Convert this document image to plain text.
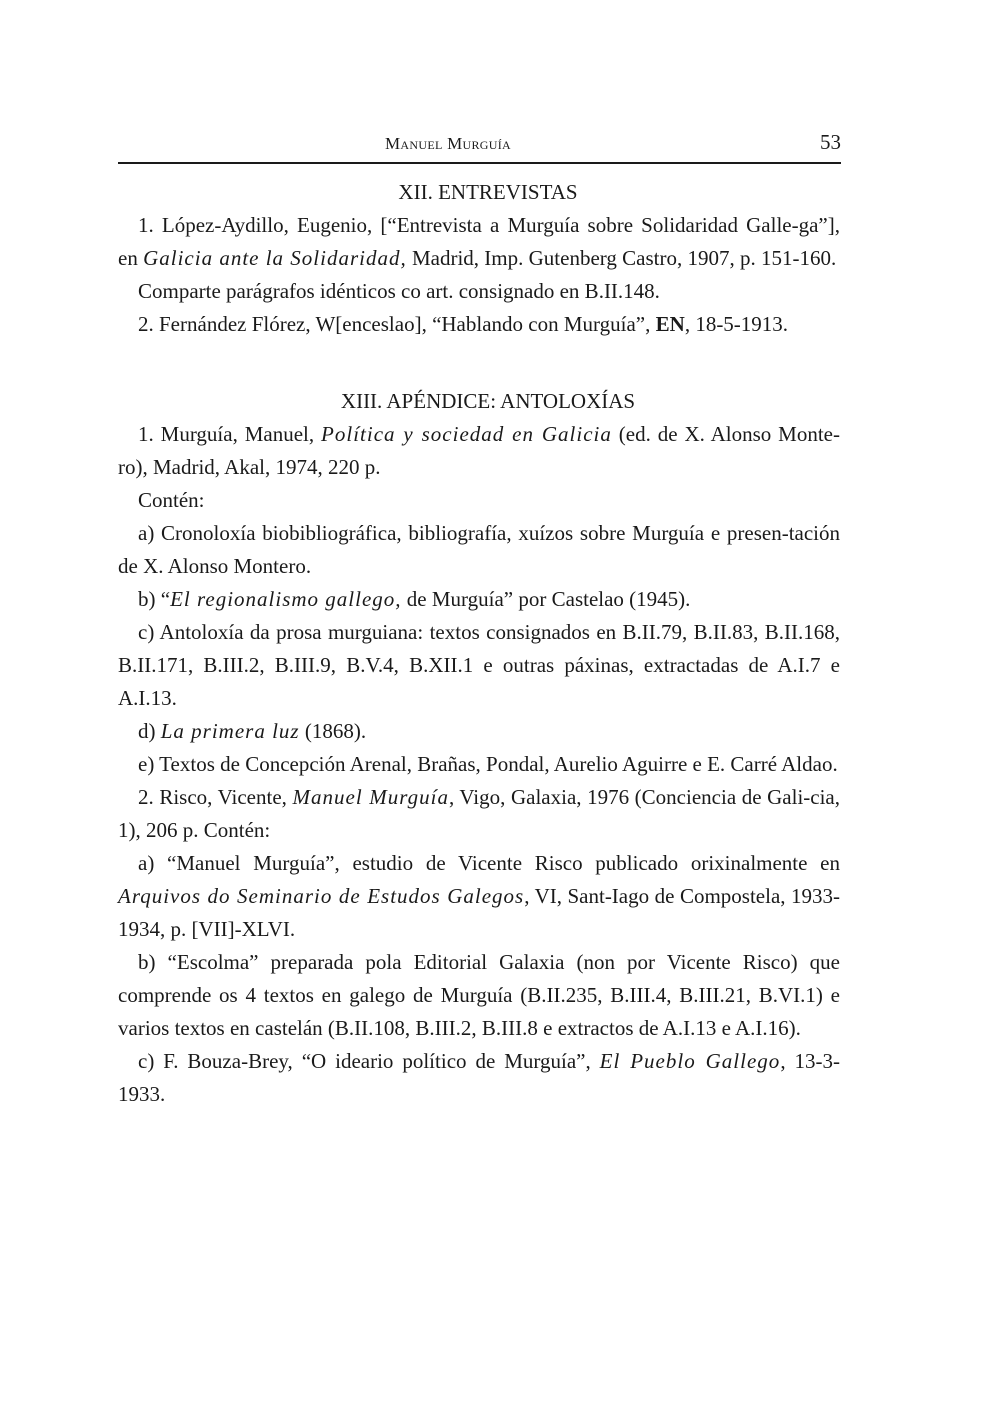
Manuel Murguía	53
XII. ENTREVISTAS

1. López-Aydillo, Eugenio, [“Entrevista a Murguía sobre Solidaridad Galle-ga”], en Galicia ante la Solidaridad, Madrid, Imp. Gutenberg Castro, 1907, p. 151-160.

Comparte parágrafos idénticos co art. consignado en B.II.148.

2. Fernández Flórez, W[enceslao], “Hablando con Murguía”, EN, 18-5-1913.

XIII. APÉNDICE: ANTOLOXÍAS

1. Murguía, Manuel, Política y sociedad en Galicia (ed. de X. Alonso Monte-ro), Madrid, Akal, 1974, 220 p.

Contén:

a) Cronoloxía biobibliográfica, bibliografía, xuízos sobre Murguía e presen-tación de X. Alonso Montero.

b) “El regionalismo gallego, de Murguía” por Castelao (1945).

c) Antoloxía da prosa murguiana: textos consignados en B.II.79, B.II.83, B.II.168, B.II.171, B.III.2, B.III.9, B.V.4, B.XII.1 e outras páxinas, extractadas de A.I.7 e A.I.13.

d) La primera luz (1868).

e) Textos de Concepción Arenal, Brañas, Pondal, Aurelio Aguirre e E. Carré Aldao.

2. Risco, Vicente, Manuel Murguía, Vigo, Galaxia, 1976 (Conciencia de Gali-cia, 1), 206 p. Contén:

a) “Manuel Murguía”, estudio de Vicente Risco publicado orixinalmente en Arquivos do Seminario de Estudos Galegos, VI, Sant-Iago de Compostela, 1933-1934, p. [VII]-XLVI.

b) “Escolma” preparada pola Editorial Galaxia (non por Vicente Risco) que comprende os 4 textos en galego de Murguía (B.II.235, B.III.4, B.III.21, B.VI.1) e varios textos en castelán (B.II.108, B.III.2, B.III.8 e extractos de A.I.13 e A.I.16).

c) F. Bouza-Brey, “O ideario político de Murguía”, El Pueblo Gallego, 13-3-1933.
